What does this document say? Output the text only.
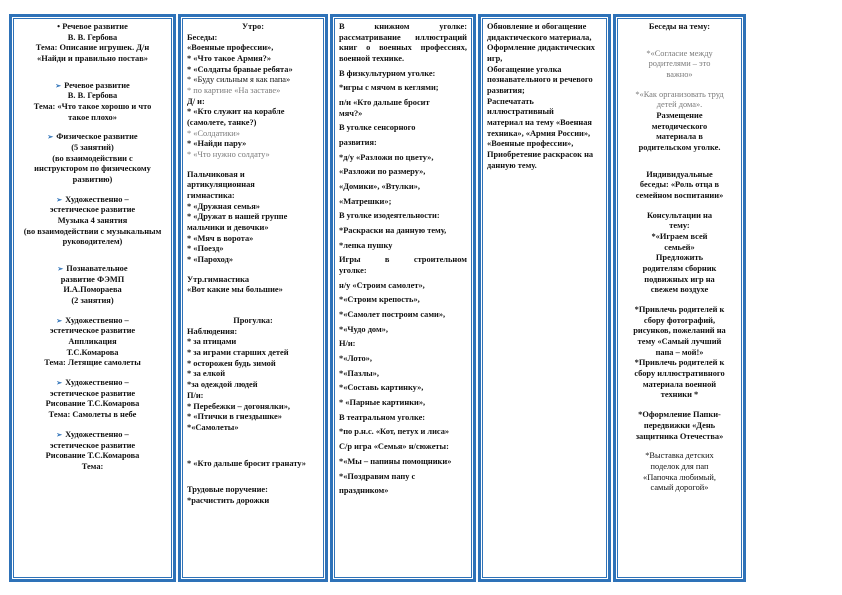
• Речевое развитие

В. В. Гербова

Тема: Описание игрушек. Д/н

«Найди и правильно постав»

➢ Речевое развитие

В. В. Гербова

Тема: «Что такое хорошо и что

такое плохо»

➢ Физическое развитие

(5 занятий)

(во взаимодействии с

инструктором по физическому

развитию)

➢ Художественно –

эстетическое развитие

Музыка 4 занятия

(во взаимодействии с музыкальным

руководителем)

➢ Познавательное

развитие ФЭМП

И.А.Помораева

(2 занятия)

➢ Художественно –

эстетическое развитие

Аппликация

Т.С.Комарова

Тема: Летящие самолеты

➢ Художественно –

эстетическое развитие

Рисование Т.С.Комарова

Тема: Самолеты в небе

➢ Художественно –

эстетическое развитие

Рисование Т.С.Комарова

Тема:

Утро:

Беседы:

«Военные профессии»,

* «Что такое Армия?»

* «Солдаты бравые ребята»

* «Буду сильным я как папа»

* по картине «На заставе»

Д/ и:

* «Кто служит на корабле

(самолете, танке?)

* «Солдатики»

* «Найди пару»

* «Что нужно солдату»

Пальчиковая и

артикуляционная

гимнастика:

* «Дружная семья»

* «Дружат в нашей группе

мальчики и девочки»

* «Мяч в ворота»

* «Поезд»

* «Пароход»

Утр.гимнастика

«Вот какие мы большие»

Прогулка:

Наблюдения:

* за птицами

* за играми старших детей

* осторожен будь зимой

* за елкой

*за одеждой людей

П/и:

* Перебежки – догонялки»,

* «Птички в гнездышке»

*«Самолеты»

* «Кто дальше бросит гранату»

Трудовые поручение:

*расчистить дорожки

В книжном уголке: рассматривание иллюстраций книг о военных профессиях, военной технике.

В физкультурном уголке:

*игры с мячом в кеглями;

п/и «Кто дальше бросит

мяч?»

В уголке сенсорного

развития:

*д/у «Разложи по цвету»,

«Разложи по размеру»,

«Домики», «Втулки»,

«Матрешки»;

В уголке изодеятельности:

*Раскраски на данную тему,

*лепка пушку

Игры в строительном

уголке:

н/у «Строим самолет»,

*«Строим крепость»,

*«Самолет построим сами»,

*«Чудо дом»,

Н/и:

*«Лото»,

*«Пазлы»,

*«Составь картинку»,

* «Парные картинки»,

В театральном уголке:

*по р.н.с. «Кот, петух и лиса»

С/р игра «Семья» н/сюжеты:

*«Мы – папины помощники»

*«Поздравим папу с

праздником»

Обновление и обогащение

дидактического материала,

Оформление дидактических

игр,

Обогащение уголка

познавательного и речевого

развития;

Распечатать иллюстративный

материал на тему «Военная

техника», «Армия России»,

«Военные профессии»,

Приобретение раскрасок на

данную тему.

Беседы на тему:

*«Согласие между

родителями – это

важно»

*«Как организовать труд

детей дома».

Размещение

методического

материала в

родительском уголке.

Индивидуальные

беседы: «Роль отца в

семейном воспитании»

Консультации на

тему:

*«Играем всей

семьей»

Предложить

родителям сборник

подвижных игр на

свежем воздухе

*Привлечь родителей к

сбору фотографий,

рисунков, пожеланий на

тему «Самый лучший

папа – мой!»

*Привлечь родителей к

сбору иллюстративного

материала военной

техники *

*Оформление Папки-

передвижки «День

защитника Отечества»

*Выставка детских

поделок для пап

«Папочка любимый,

самый дорогой»
